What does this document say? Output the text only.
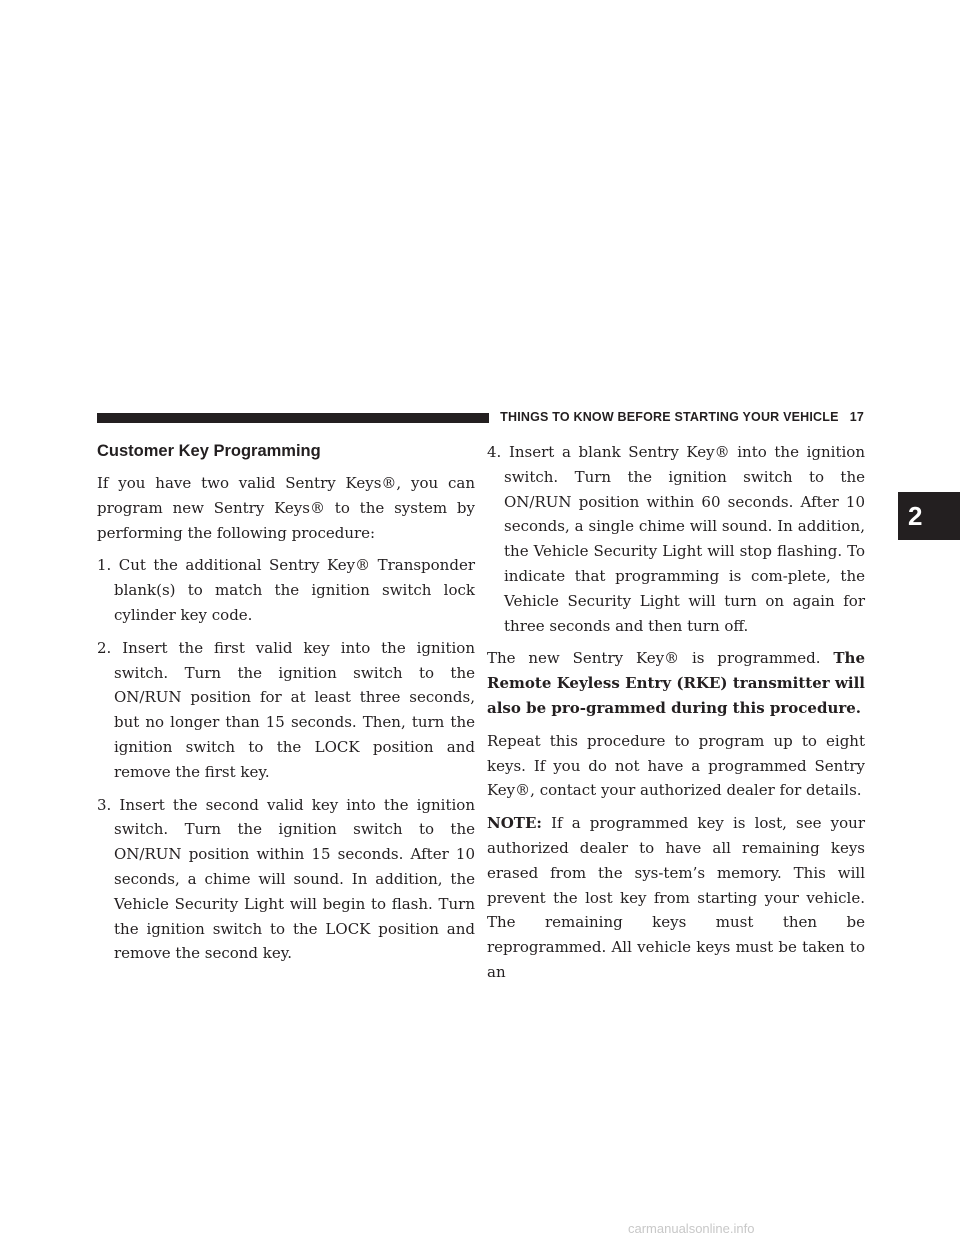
THINGS TO KNOW BEFORE STARTING YOUR VEHICLE 17
2
Customer Key Programming

If you have two valid Sentry Keys®, you can program new Sentry Keys® to the system by performing the following procedure:

1. Cut the additional Sentry Key® Transponder blank(s) to match the ignition switch lock cylinder key code.
2. Insert the first valid key into the ignition switch. Turn the ignition switch to the ON/RUN position for at least three seconds, but no longer than 15 seconds. Then, turn the ignition switch to the LOCK position and remove the first key.
3. Insert the second valid key into the ignition switch. Turn the ignition switch to the ON/RUN position within 15 seconds. After 10 seconds, a chime will sound. In addition, the Vehicle Security Light will begin to flash. Turn the ignition switch to the LOCK position and remove the second key.
4. Insert a blank Sentry Key® into the ignition switch. Turn the ignition switch to the ON/RUN position within 60 seconds. After 10 seconds, a single chime will sound. In addition, the Vehicle Security Light will stop flashing. To indicate that programming is com-plete, the Vehicle Security Light will turn on again for three seconds and then turn off.

The new Sentry Key® is programmed. The Remote Keyless Entry (RKE) transmitter will also be pro-grammed during this procedure.

Repeat this procedure to program up to eight keys. If you do not have a programmed Sentry Key®, contact your authorized dealer for details.

NOTE: If a programmed key is lost, see your authorized dealer to have all remaining keys erased from the sys-tem’s memory. This will prevent the lost key from starting your vehicle. The remaining keys must then be reprogrammed. All vehicle keys must be taken to an

carmanualsonline.info
